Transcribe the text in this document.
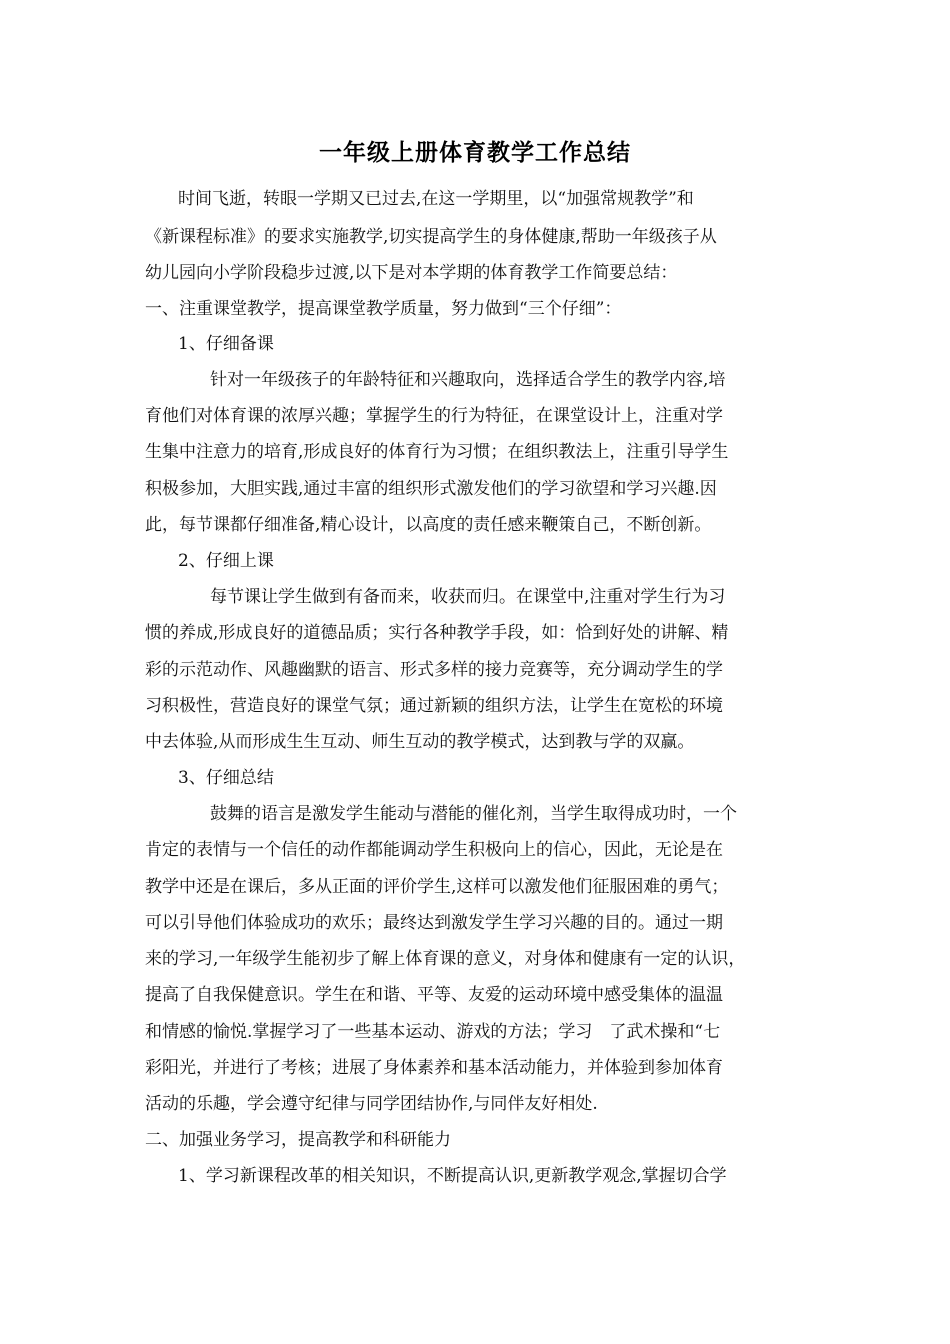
一年级上册体育教学工作总结
时间飞逝，转眼一学期又已过去,在这一学期里，以“加强常规教学”和
《新课程标准》的要求实施教学,切实提高学生的身体健康,帮助一年级孩子从
幼儿园向小学阶段稳步过渡,以下是对本学期的体育教学工作简要总结：
一、注重课堂教学，提高课堂教学质量，努力做到“三个仔细”：
1、仔细备课
针对一年级孩子的年龄特征和兴趣取向，选择适合学生的教学内容,培
育他们对体育课的浓厚兴趣；掌握学生的行为特征，在课堂设计上，注重对学
生集中注意力的培育,形成良好的体育行为习惯；在组织教法上，注重引导学生
积极参加，大胆实践,通过丰富的组织形式激发他们的学习欲望和学习兴趣.因
此，每节课都仔细准备,精心设计，以高度的责任感来鞭策自己，不断创新。
2、仔细上课
每节课让学生做到有备而来，收获而归。在课堂中,注重对学生行为习
惯的养成,形成良好的道德品质；实行各种教学手段，如：恰到好处的讲解、精
彩的示范动作、风趣幽默的语言、形式多样的接力竞赛等，充分调动学生的学
习积极性，营造良好的课堂气氛；通过新颖的组织方法，让学生在宽松的环境
中去体验,从而形成生生互动、师生互动的教学模式，达到教与学的双赢。
3、仔细总结
鼓舞的语言是激发学生能动与潜能的催化剂，当学生取得成功时，一个
肯定的表情与一个信任的动作都能调动学生积极向上的信心，因此，无论是在
教学中还是在课后，多从正面的评价学生,这样可以激发他们征服困难的勇气；
可以引导他们体验成功的欢乐；最终达到激发学生学习兴趣的目的。通过一期
来的学习,一年级学生能初步了解上体育课的意义，对身体和健康有一定的认识，
提高了自我保健意识。学生在和谐、平等、友爱的运动环境中感受集体的温温
和情感的愉悦.掌握学习了一些基本运动、游戏的方法；学习　了武术操和“七
彩阳光，并进行了考核；进展了身体素养和基本活动能力，并体验到参加体育
活动的乐趣，学会遵守纪律与同学团结协作,与同伴友好相处.
二、加强业务学习，提高教学和科研能力
1、学习新课程改革的相关知识，不断提高认识,更新教学观念,掌握切合学
